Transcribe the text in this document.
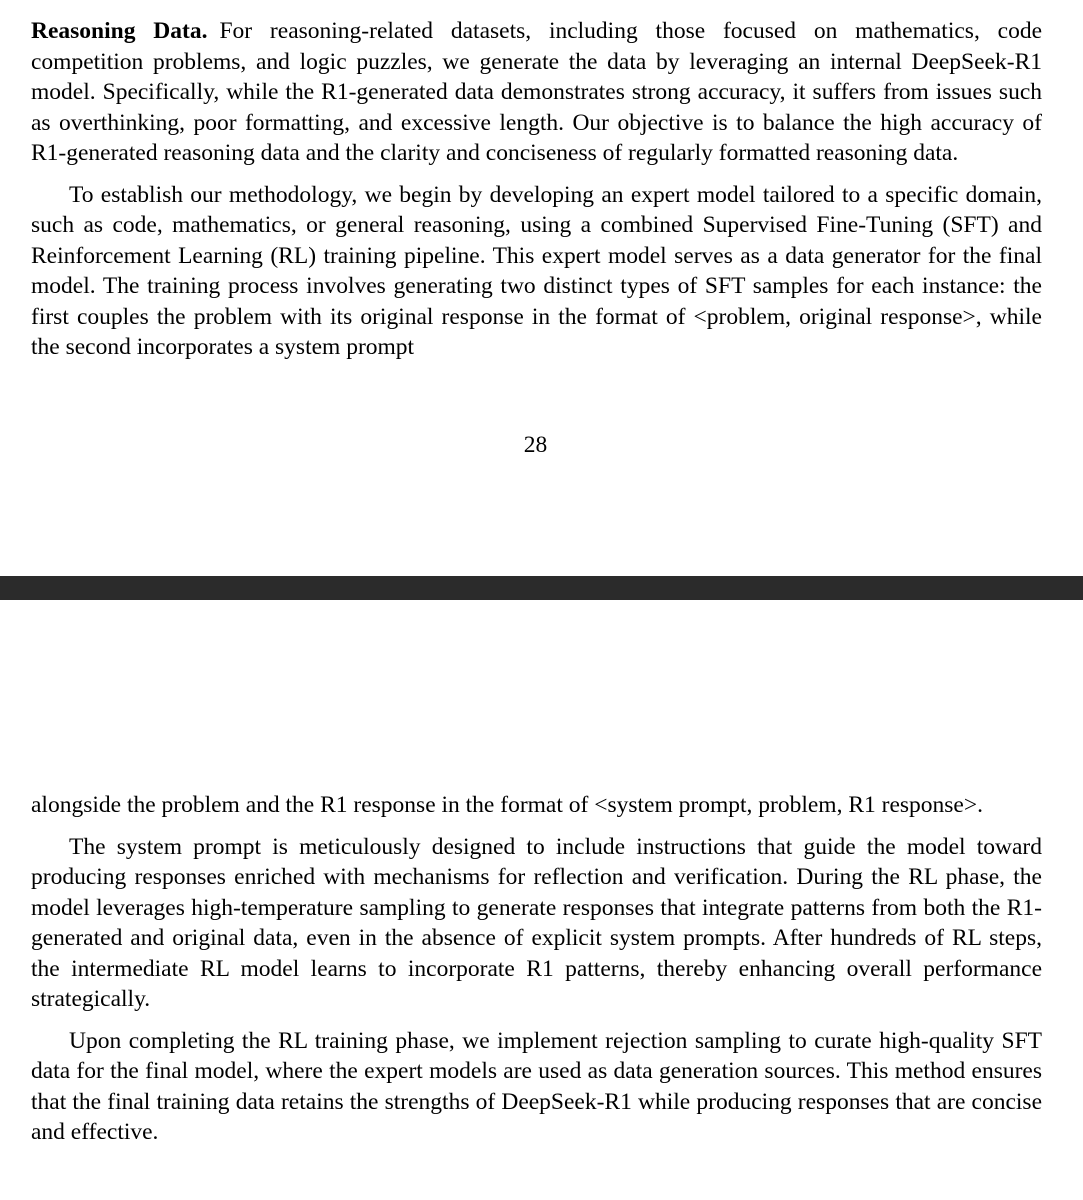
Reasoning Data. For reasoning-related datasets, including those focused on mathematics, code competition problems, and logic puzzles, we generate the data by leveraging an internal DeepSeek-R1 model. Specifically, while the R1-generated data demonstrates strong accuracy, it suffers from issues such as overthinking, poor formatting, and excessive length. Our objective is to balance the high accuracy of R1-generated reasoning data and the clarity and conciseness of regularly formatted reasoning data.

To establish our methodology, we begin by developing an expert model tailored to a specific domain, such as code, mathematics, or general reasoning, using a combined Supervised Fine-Tuning (SFT) and Reinforcement Learning (RL) training pipeline. This expert model serves as a data generator for the final model. The training process involves generating two distinct types of SFT samples for each instance: the first couples the problem with its original response in the format of <problem, original response>, while the second incorporates a system prompt

28

alongside the problem and the R1 response in the format of <system prompt, problem, R1 response>.

The system prompt is meticulously designed to include instructions that guide the model toward producing responses enriched with mechanisms for reflection and verification. During the RL phase, the model leverages high-temperature sampling to generate responses that integrate patterns from both the R1-generated and original data, even in the absence of explicit system prompts. After hundreds of RL steps, the intermediate RL model learns to incorporate R1 patterns, thereby enhancing overall performance strategically.

Upon completing the RL training phase, we implement rejection sampling to curate high-quality SFT data for the final model, where the expert models are used as data generation sources. This method ensures that the final training data retains the strengths of DeepSeek-R1 while producing responses that are concise and effective.
